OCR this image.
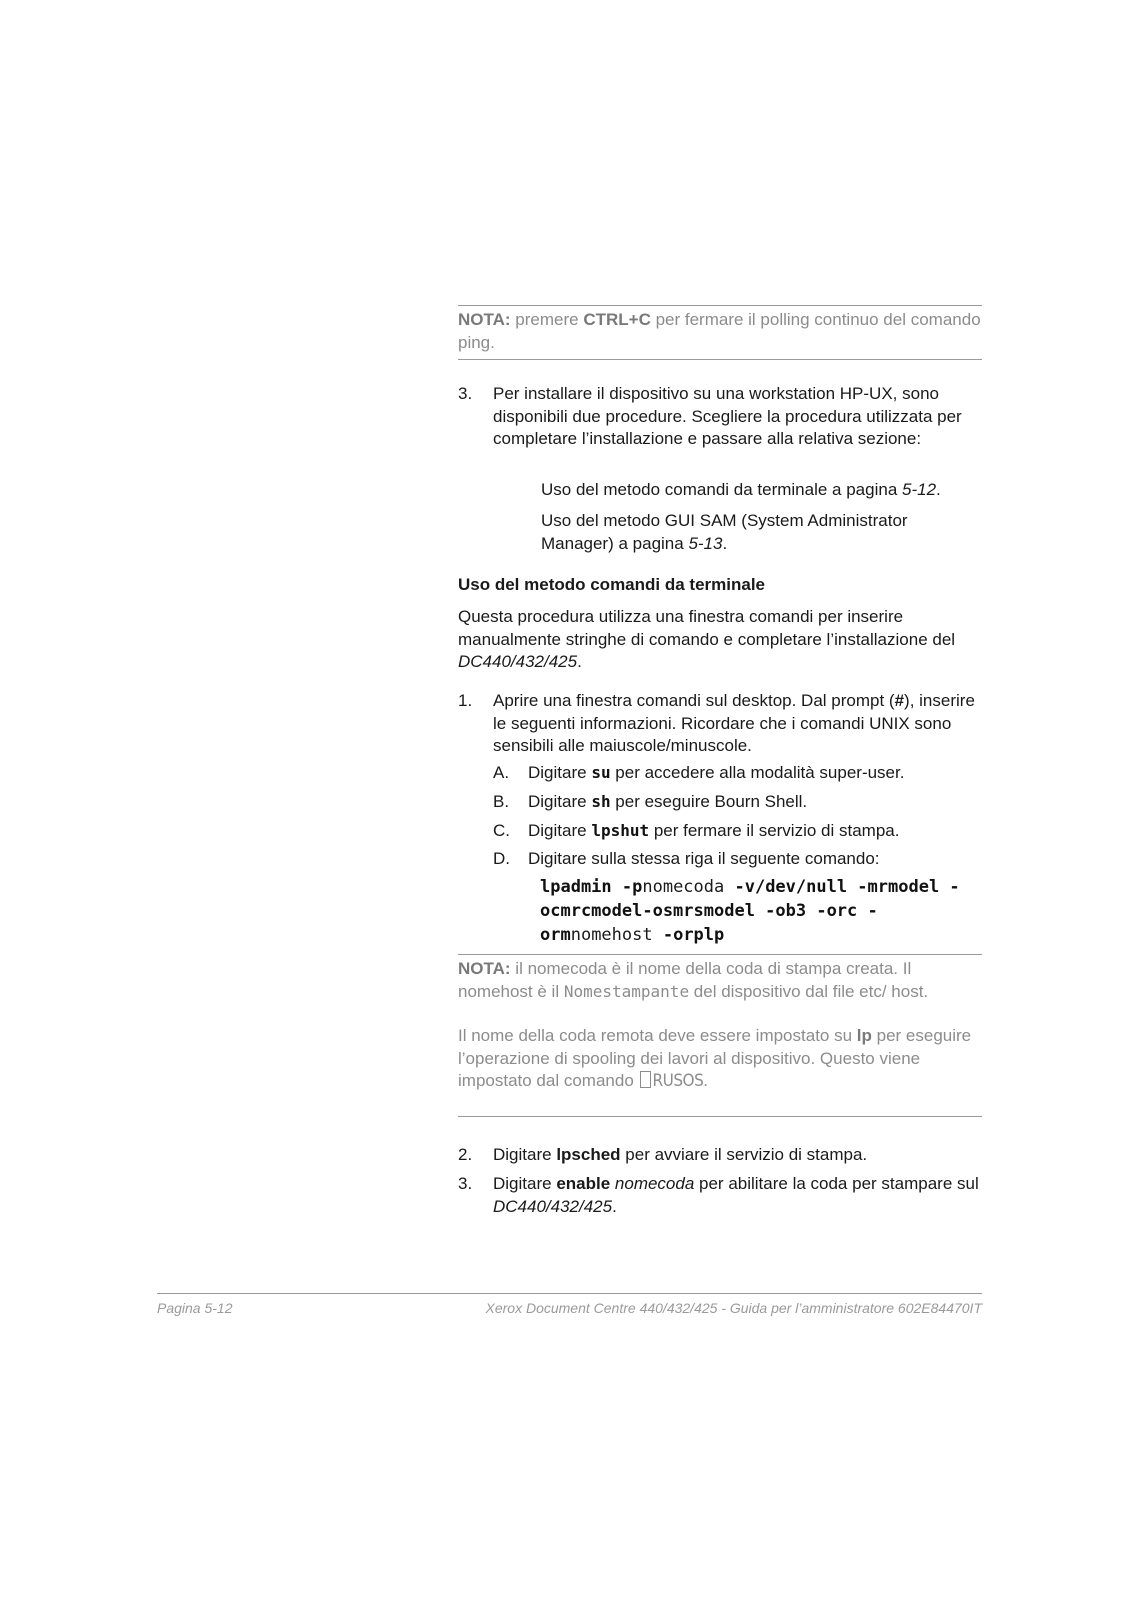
NOTA: premere CTRL+C per fermare il polling continuo del comando ping.
3. Per installare il dispositivo su una workstation HP-UX, sono disponibili due procedure. Scegliere la procedura utilizzata per completare l’installazione e passare alla relativa sezione:
Uso del metodo comandi da terminale a pagina 5-12.
Uso del metodo GUI SAM (System Administrator Manager) a pagina 5-13.
Uso del metodo comandi da terminale
Questa procedura utilizza una finestra comandi per inserire manualmente stringhe di comando e completare l’installazione del DC440/432/425.
1. Aprire una finestra comandi sul desktop. Dal prompt (#), inserire le seguenti informazioni. Ricordare che i comandi UNIX sono sensibili alle maiuscole/minuscole.
A. Digitare su per accedere alla modalità super-user.
B. Digitare sh per eseguire Bourn Shell.
C. Digitare lpshut per fermare il servizio di stampa.
D. Digitare sulla stessa riga il seguente comando:
lpadmin -pnomecoda -v/dev/null -mrmodel -ocmrcmodel-osmrsmodel -ob3 -orc -ormnomehost -orplp
NOTA: il nomecoda è il nome della coda di stampa creata. Il nomehost è il Nomestampante del dispositivo dal file etc/ host.
Il nome della coda remota deve essere impostato su lp per eseguire l’operazione di spooling dei lavori al dispositivo. Questo viene impostato dal comando RUSOS.
2. Digitare lpsched per avviare il servizio di stampa.
3. Digitare enable nomecoda per abilitare la coda per stampare sul DC440/432/425.
Pagina 5-12	Xerox Document Centre 440/432/425 - Guida per l’amministratore 602E84470IT
